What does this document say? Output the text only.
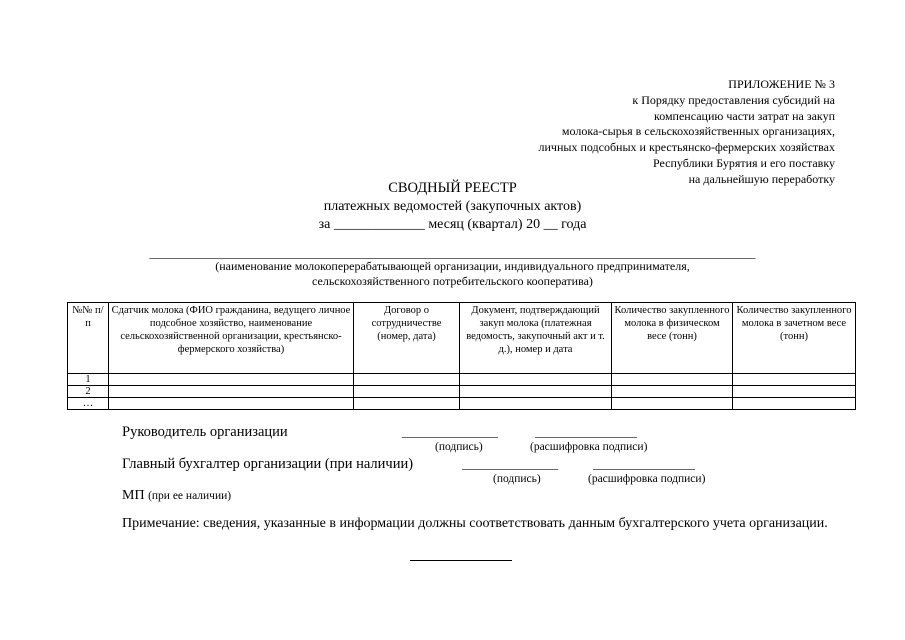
ПРИЛОЖЕНИЕ № 3
к Порядку предоставления субсидий на
компенсацию части затрат на закуп
молока-сырья в сельскохозяйственных организациях,
личных подсобных и крестьянско-фермерских хозяйствах
Республики Бурятия и его поставку
на дальнейшую переработку
СВОДНЫЙ РЕЕСТР
платежных ведомостей (закупочных актов)
за _____________ месяц (квартал) 20 __ года
_____________________________________________________________________________________________________
(наименование молокоперерабатывающей организации, индивидуального предпринимателя,
сельскохозяйственного потребительского кооператива)
№№ п/п	Сдатчик молока (ФИО гражданина, ведущего личное подсобное хозяйство, наименование сельскохозяйственной организации, крестьянско-фермерского хозяйства)	Договор о сотрудничестве (номер, дата)	Документ, подтверждающий закуп молока (платежная ведомость, закупочный акт и т. д.), номер и дата	Количество закупленного молока в физическом весе (тонн)	Количество закупленного молока в зачетном весе (тонн)
1					
2					
…					
Руководитель организации	________________	_________________
(подпись)	(расшифровка подписи)
Главный бухгалтер организации (при наличии)	________________	_________________
(подпись)	(расшифровка подписи)
МП (при ее наличии)
Примечание: сведения, указанные в информации должны соответствовать данным бухгалтерского учета организации.
